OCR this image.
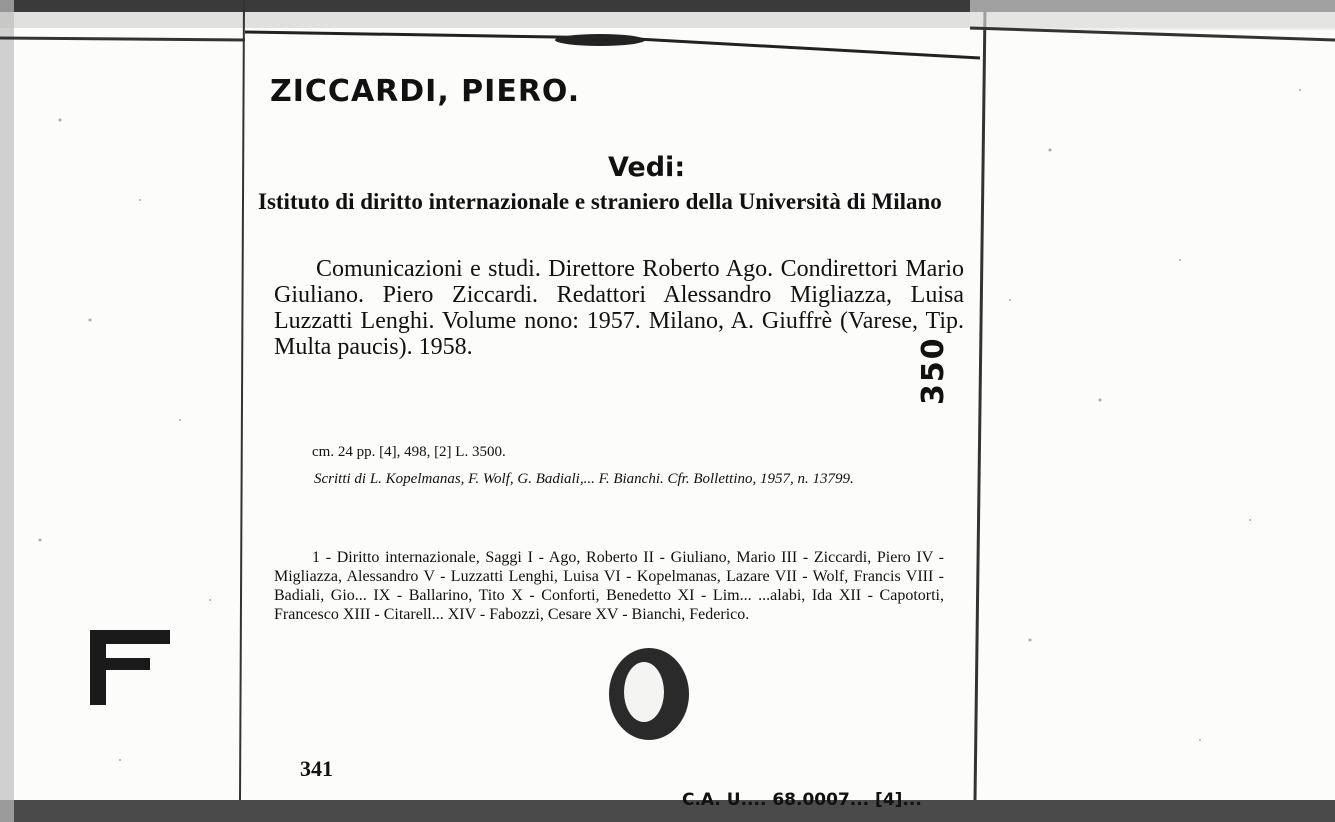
ZICCARDI, PIERO.
Vedi:
Istituto di diritto internazionale e straniero della Università di Milano
Comunicazioni e studi. Direttore Roberto Ago. Condirettori Mario Giuliano. Piero Ziccardi. Redattori Alessandro Migliazza, Luisa Luzzatti Lenghi. Volume nono: 1957. Milano, A. Giuffrè (Varese, Tip. Multa paucis). 1958.
cm. 24 pp. [4], 498, [2] L. 3500.
Scritti di L. Kopelmanas, F. Wolf, G. Badiali,... F. Bianchi. Cfr. Bollettino, 1957, n. 13799.
1 - Diritto internazionale, Saggi I - Ago, Roberto II - Giuliano, Mario III - Ziccardi, Piero IV - Migliazza, Alessandro V - Luzzatti Lenghi, Luisa VI - Kopelmanas, Lazare VII - Wolf, Francis VIII - Badiali, Gio... IX - Ballarino, Tito X - Conforti, Benedetto XI - Lim... ...alabi, Ida XII - Capotorti, Francesco XIII - Citarell... XIV - Fabozzi, Cesare XV - Bianchi, Federico.
341
350
C.A. U.... 68.0007... [4]...
